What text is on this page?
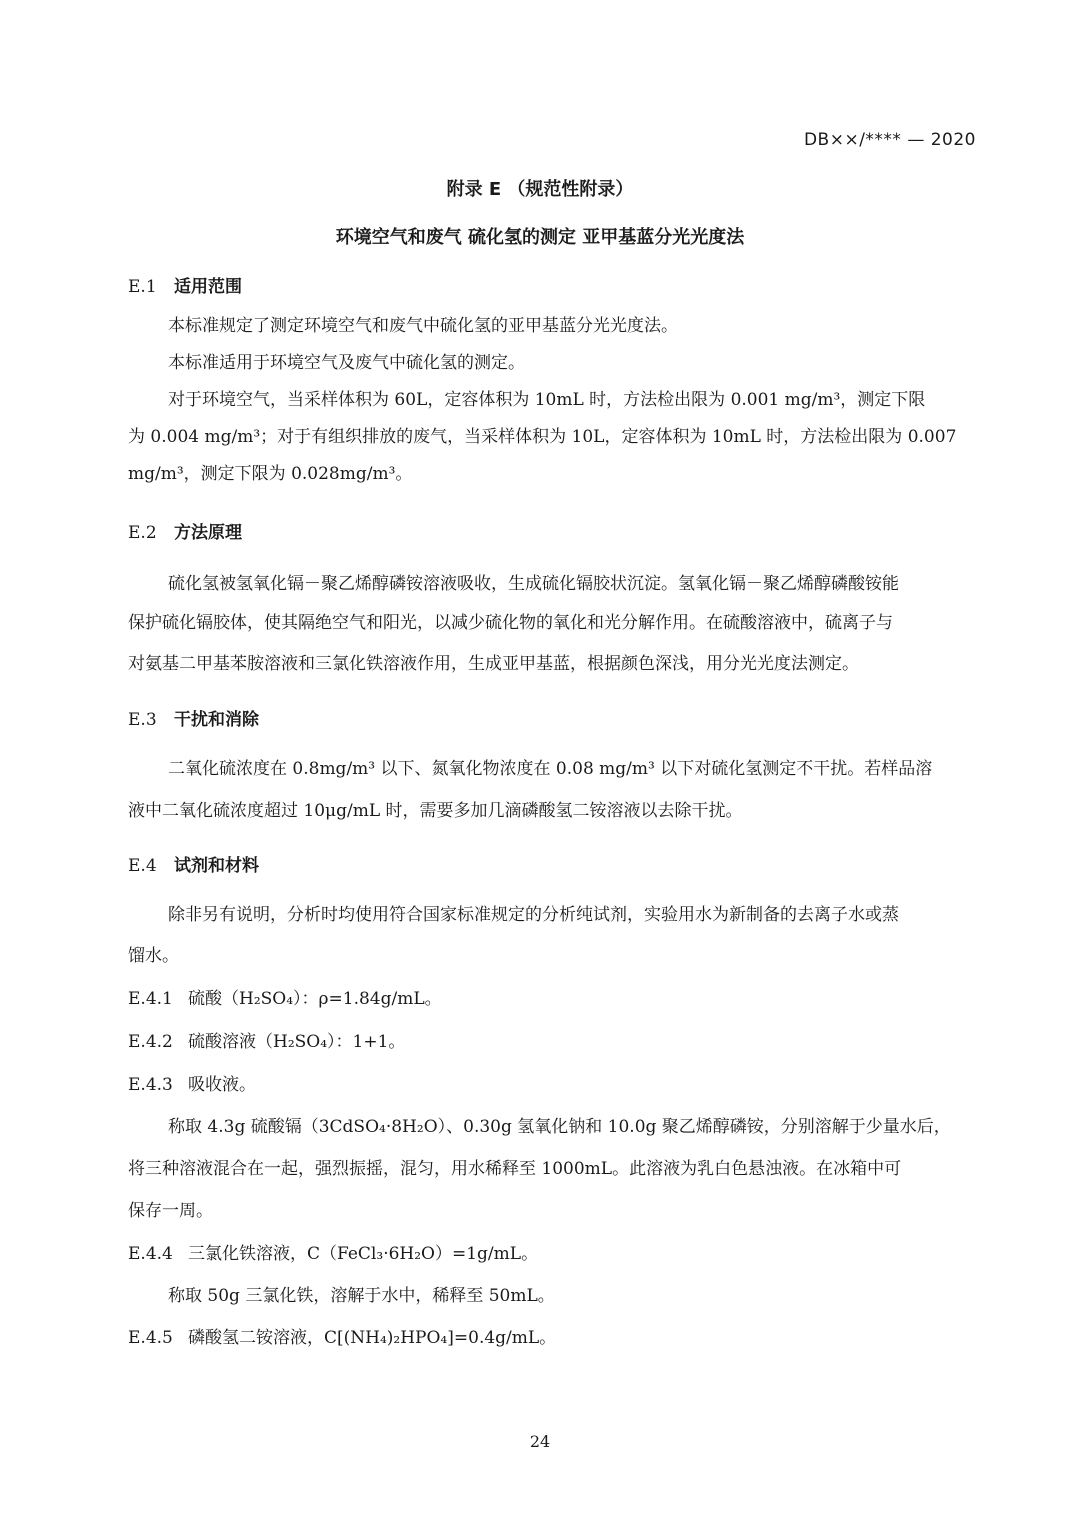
DB××/**** — 2020
附录 E （规范性附录）
环境空气和废气 硫化氢的测定 亚甲基蓝分光光度法
E.1 适用范围
本标准规定了测定环境空气和废气中硫化氢的亚甲基蓝分光光度法。
本标准适用于环境空气及废气中硫化氢的测定。
对于环境空气，当采样体积为 60L，定容体积为 10mL 时，方法检出限为 0.001 mg/m³，测定下限
为 0.004 mg/m³；对于有组织排放的废气，当采样体积为 10L，定容体积为 10mL 时，方法检出限为 0.007
mg/m³，测定下限为 0.028mg/m³。
E.2 方法原理
硫化氢被氢氧化镉－聚乙烯醇磷铵溶液吸收，生成硫化镉胶状沉淀。氢氧化镉－聚乙烯醇磷酸铵能
保护硫化镉胶体，使其隔绝空气和阳光，以减少硫化物的氧化和光分解作用。在硫酸溶液中，硫离子与
对氨基二甲基苯胺溶液和三氯化铁溶液作用，生成亚甲基蓝，根据颜色深浅，用分光光度法测定。
E.3 干扰和消除
二氧化硫浓度在 0.8mg/m³ 以下、氮氧化物浓度在 0.08 mg/m³ 以下对硫化氢测定不干扰。若样品溶
液中二氧化硫浓度超过 10μg/mL 时，需要多加几滴磷酸氢二铵溶液以去除干扰。
E.4 试剂和材料
除非另有说明，分析时均使用符合国家标准规定的分析纯试剂，实验用水为新制备的去离子水或蒸
馏水。
E.4.1 硫酸（H₂SO₄）：ρ=1.84g/mL。
E.4.2 硫酸溶液（H₂SO₄）：1+1。
E.4.3 吸收液。
称取 4.3g 硫酸镉（3CdSO₄·8H₂O）、0.30g 氢氧化钠和 10.0g 聚乙烯醇磷铵，分别溶解于少量水后，
将三种溶液混合在一起，强烈振摇，混匀，用水稀释至 1000mL。此溶液为乳白色悬浊液。在冰箱中可
保存一周。
E.4.4 三氯化铁溶液，C（FeCl₃·6H₂O）=1g/mL。
称取 50g 三氯化铁，溶解于水中，稀释至 50mL。
E.4.5 磷酸氢二铵溶液，C[(NH₄)₂HPO₄]=0.4g/mL。
24
